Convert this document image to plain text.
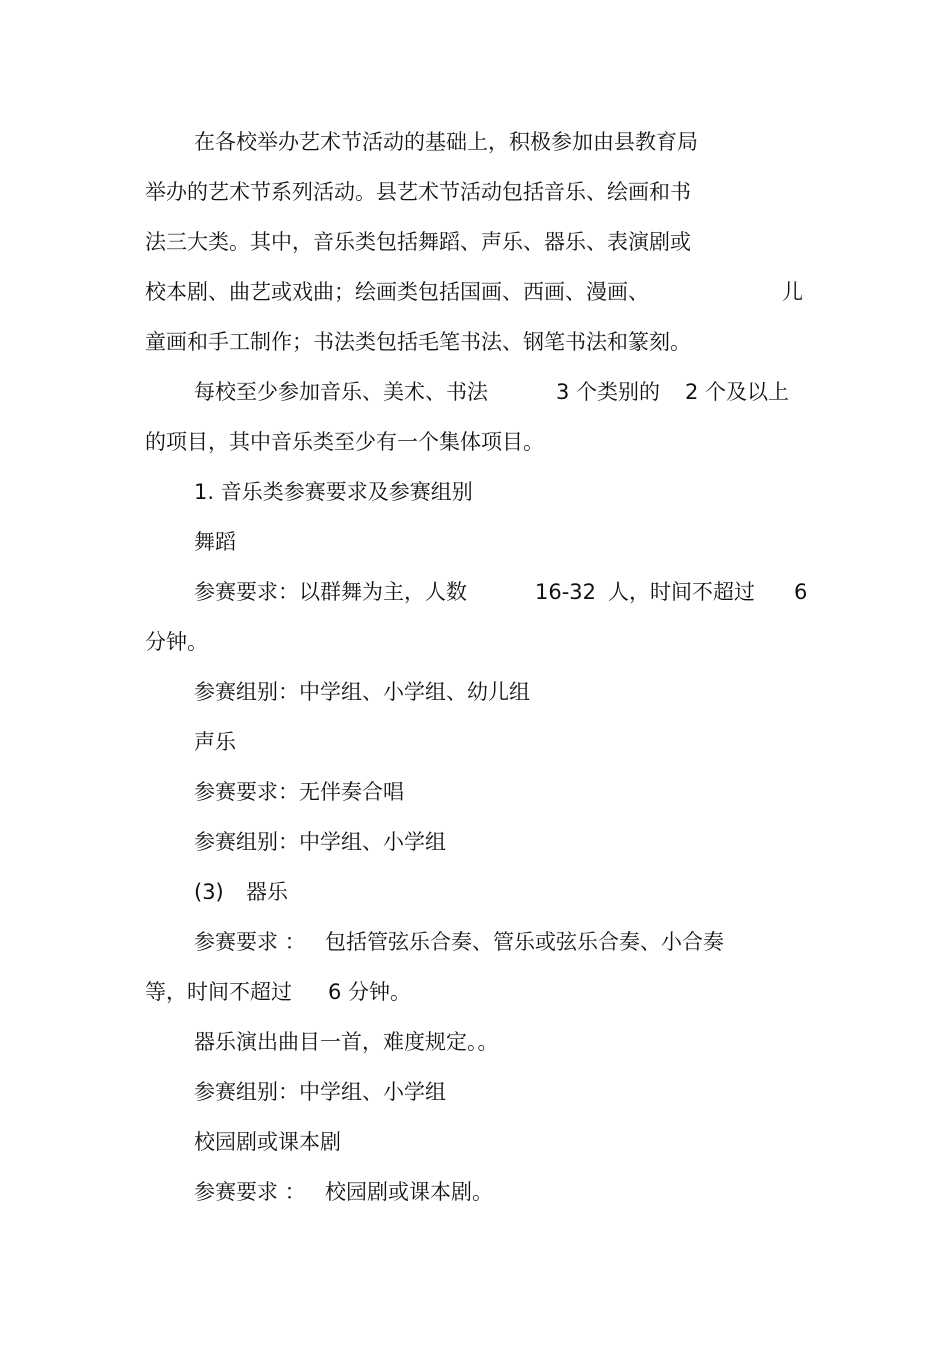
在各校举办艺术节活动的基础上，积极参加由县教育局
举办的艺术节系列活动。县艺术节活动包括音乐、绘画和书
法三大类。其中，音乐类包括舞蹈、声乐、器乐、表演剧或
校本剧、曲艺或戏曲；绘画类包括国画、西画、漫画、	儿
童画和手工制作；书法类包括毛笔书法、钢笔书法和篆刻。
每校至少参加音乐、美术、书法	3 个类别的 2 个及以上
的项目，其中音乐类至少有一个集体项目。
1. 音乐类参赛要求及参赛组别
舞蹈
参赛要求：以群舞为主，人数	16-32 人，时间不超过 6
分钟。
参赛组别：中学组、小学组、幼儿组
声乐
参赛要求：无伴奏合唱
参赛组别：中学组、小学组
(3) 器乐
参赛要求 ： 包括管弦乐合奏、管乐或弦乐合奏、小合奏
等，时间不超过 6 分钟。
器乐演出曲目一首，难度规定。。
参赛组别：中学组、小学组
校园剧或课本剧
参赛要求 ： 校园剧或课本剧。
